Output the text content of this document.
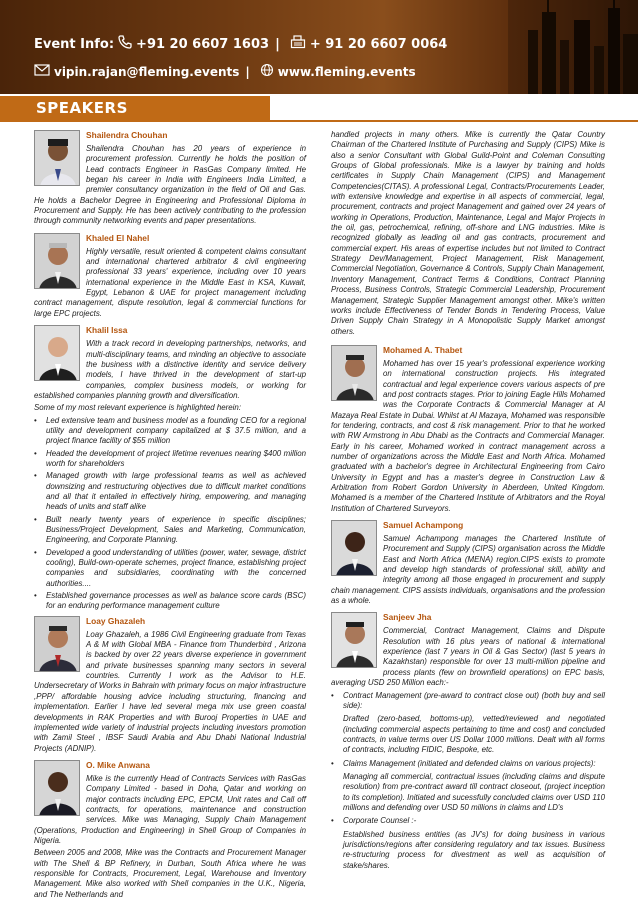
Event Info: +91 20 6607 1603 | + 91 20 6607 0064
vipin.rajan@fleming.events | www.fleming.events
SPEAKERS

Shailendra Chouhan

Shailendra Chouhan has 20 years of experience in procurement profession. Currently he holds the position of Lead contracts Engineer in RasGas Company limited. He began his career in India with Engineers India Limited, a premier consultancy organization in the field of Oil and Gas. He holds a Bachelor Degree in Engineering and Professional Diploma in Procurement and Supply. He has been actively contributing to the profession through community networking events and paper presentations.

Khaled El Nahel

Highly versatile, result oriented & competent claims consultant and international chartered arbitrator & civil engineering professional 33 years' experience, including over 10 years international experience in the Middle East in KSA, Kuwait, Egypt, Lebanon & UAE for project management including contract management, dispute resolution, legal & commercial functions for large EPC projects.

Khalil Issa

With a track record in developing partnerships, networks, and multi-disciplinary teams, and minding an objective to associate the business with a distinctive identity and service delivery models, I have thrived in the development of start-up companies, complex business models, or working for established companies planning growth and diversification.

Some of my most relevant experience is highlighted herein:

• Led extensive team and business model as a founding CEO for a regional utility and development company capitalized at $ 37.5 million, and a project finance facility of $55 million
• Headed the development of project lifetime revenues nearing $400 million worth for shareholders
• Managed growth with large professional teams as well as achieved downsizing and restructuring objectives due to difficult market conditions and all that it entailed in effectively hiring, empowering, and managing heads of units and staff alike
• Built nearly twenty years of experience in specific disciplines; Business/Project Development, Sales and Marketing, Communication, Engineering, and Corporate Planning.
• Developed a good understanding of utilities (power, water, sewage, district cooling), Build-own-operate schemes, project finance, establishing project companies and subsidiaries, coordinating with the concerned authorities....
• Established governance processes as well as balance score cards (BSC) for an enduring performance management culture

Loay Ghazaleh

Loay Ghazaleh, a 1986 Civil Engineering graduate from Texas A & M with Global MBA - Finance from Thunderbird , Arizona is backed by over 22 years diverse experience in government and private businesses spanning many sectors in several countries. Currently I work as the Advisor to H.E. Undersecretary of Works in Bahrain with primary focus on major infrastructure ,PPP/ affordable housing advice including structuring, financing and implementation. Earlier I have led several mega mix use green coastal developments in RAK Properties and with Burooj Properties in UAE and implemented wide variety of industrial projects including investors promotion with Zamil Steel , IBSF Saudi Arabia and Abu Dhabi National Industrial Projects (ADNIP).

O. Mike Anwana

Mike is the currently Head of Contracts Services with RasGas Company Limited - based in Doha, Qatar and working on major contracts including EPC, EPCM, Unit rates and Call off contracts, for operations, maintenance and construction services. Mike was Managing, Supply Chain Management (Operations, Production and Engineering) in Shell Group of Companies in Nigeria.

Between 2005 and 2008, Mike was the Contracts and Procurement Manager with The Shell & BP Refinery, in Durban, South Africa where he was responsible for Contracts, Procurement, Legal, Warehouse and Inventory Management. Mike also worked with Shell companies in the U.K., Nigeria, and The Netherlands and

handled projects in many others. Mike is currently the Qatar Country Chairman of the Chartered Institute of Purchasing and Supply (CIPS) Mike is also a senior Consultant with Global Guild-Point and Coleman Consulting Groups of Global professionals. Mike is a lawyer by training and holds certificates in Supply Chain Management (CIPS) and Management Competencies(CITAS). A professional Legal, Contracts/Procurements Leader, with extensive knowledge and expertise in all aspects of commercial, legal, procurement, contracts and project Management and gained over 24 years of working in Operations, Production, Maintenance, Legal and Major Projects in the oil, gas, petrochemical, refining, off-shore and LNG industries. Mike is recognized globally as leading oil and gas contracts, procurement and commercial expert. His areas of expertise includes but not limited to Contract Strategy Dev/Management, Project Management, Risk Management, Commercial Negotiation, Governance & Controls, Supply Chain Management, Inventory Management, Contract Terms & Conditions, Contract Planning Process, Business Controls, Strategic Commercial Leadership, Procurement Management, Strategic Supplier Management amongst other. Mike's written works include Effectiveness of Tender Bonds in Tendering Process, Value Driven Supply Chain Strategy in A Monopolistic Supply Market amongst others.

Mohamed A. Thabet

Mohamed has over 15 year's professional experience working on international construction projects. His integrated contractual and legal experience covers various aspects of pre and post contracts stages. Prior to joining Eagle Hills Mohamed was the Corporate Contracts & Commercial Manager at Al Mazaya Real Estate in Dubai. Whilst at Al Mazaya, Mohamed was responsible for tendering, contracts, and cost & risk management. Prior to that he worked with RW Armstrong in Abu Dhabi as the Contracts and Commercial Manager. Early in his career, Mohamed worked in contract management across a number of organizations across the Middle East and North Africa. Mohamed graduated with a bachelor's degree in Architectural Engineering from Cairo University in Egypt and has a master's degree in Construction Law & Arbitration from Robert Gordon University in Aberdeen, United Kingdom. Mohamed is a member of the Chartered Institute of Arbitrators and the Royal Institution of Chartered Surveyors.

Samuel Achampong

Samuel Achampong manages the Chartered Institute of Procurement and Supply (CIPS) organisation across the Middle East and North Africa (MENA) region.CIPS exists to promote and develop high standards of professional skill, ability and integrity among all those engaged in procurement and supply chain management. CIPS assists individuals, organisations and the profession as a whole.

Sanjeev Jha

Commercial, Contract Management, Claims and Dispute Resolution with 16 plus years of national & international experience (last 7 years in Oil & Gas Sector) (last 5 years in Kazakhstan) responsible for over 13 multi-million pipeline and process plants (few on brownfield operations) on EPC basis, averaging USD 250 Million each:-

• Contract Management (pre-award to contract close out) (both buy and sell side):

Drafted (zero-based, bottoms-up), vetted/reviewed and negotiated (including commercial aspects pertaining to time and cost) and concluded contracts, in value terms over US Dollar 1000 millions. Dealt with all forms of contracts, including FIDIC, Bespoke, etc.

• Claims Management (initiated and defended claims on various projects):

Managing all commercial, contractual issues (including claims and dispute resolution) from pre-contract award till contract closeout, (project inception to its completion). Initiated and sucessfully concluded claims over USD 110 millions and defending over USD 50 millions in claims and LD's

• Corporate Counsel :-

Established business entities (as JV's) for doing business in various jurisdictions/regions after considering regulatory and tax issues. Business re-structuring process for divestment as well as acquisition of stake/shares.
